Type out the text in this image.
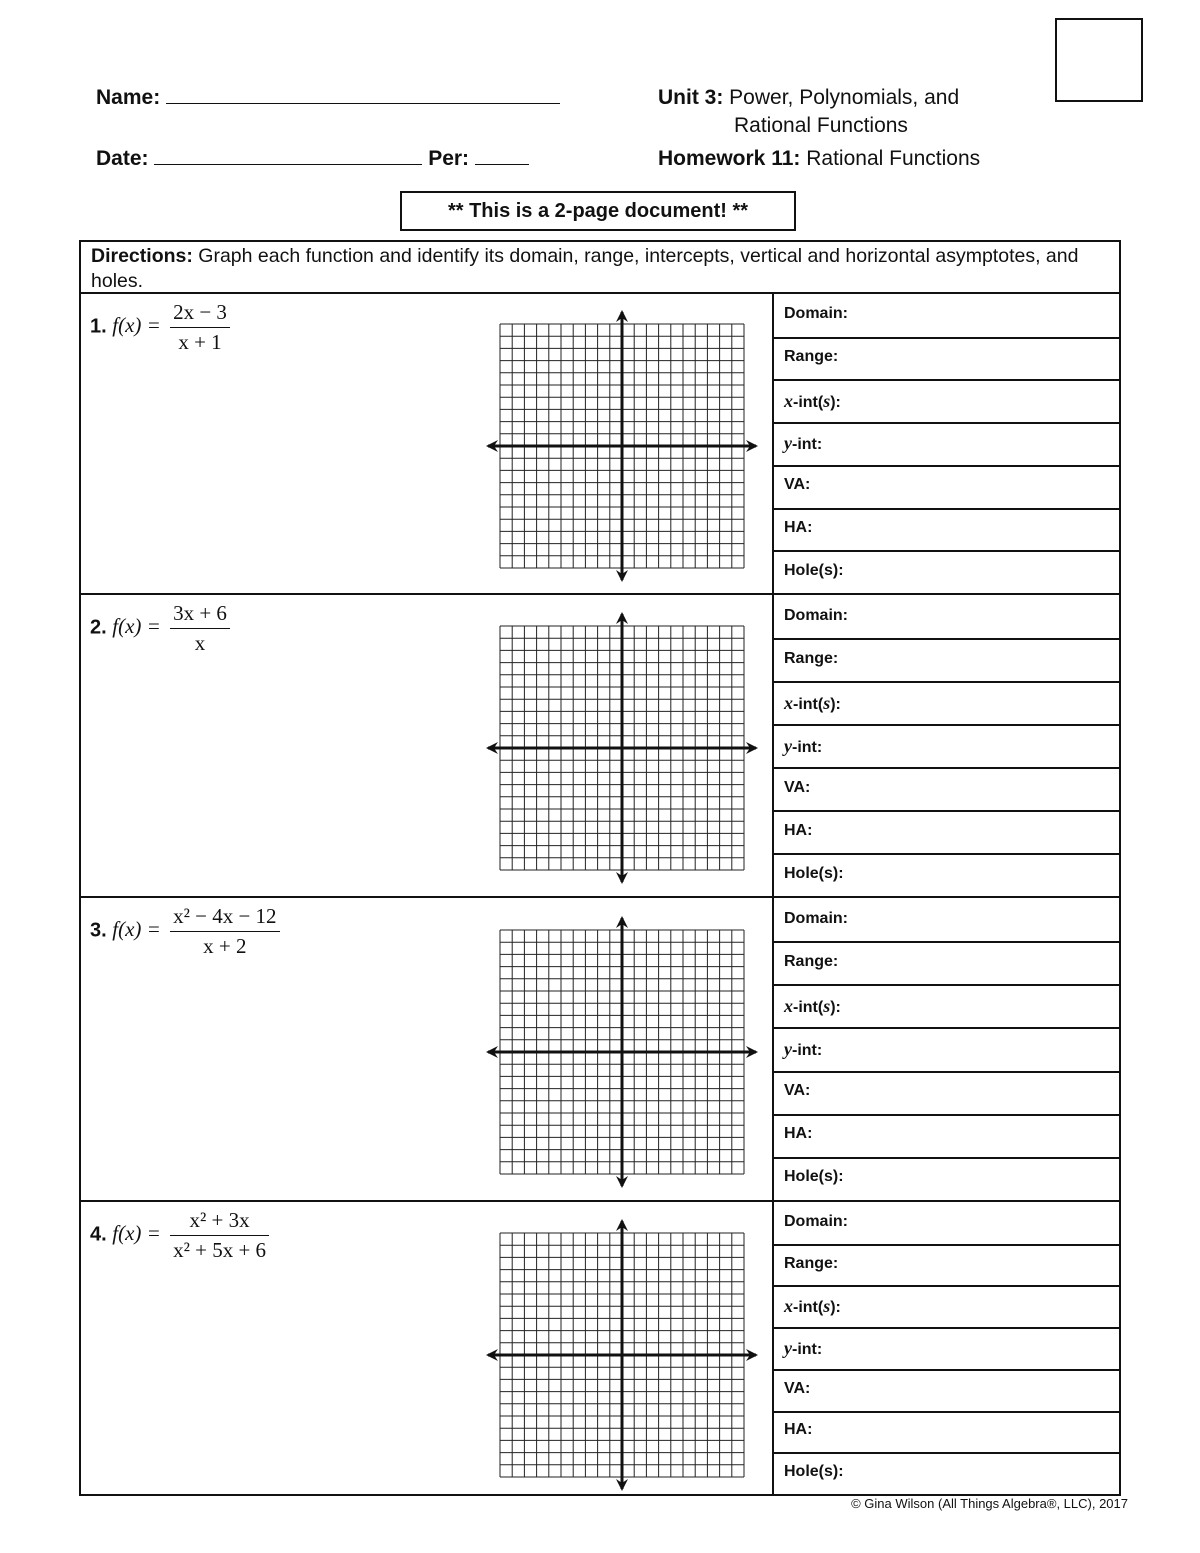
Name:
Date:	Per:
Unit 3: Power, Polynomials, and
Rational Functions
Homework 11: Rational Functions
** This is a 2-page document! **
Directions: Graph each function and identify its domain, range, intercepts, vertical and horizontal asymptotes, and holes.
1. $f(x) = \frac{2x - 3}{x + 1}$
2. $f(x) = \frac{3x + 6}{x}$
3. $f(x) = \frac{\text{x² − 4x − 12}}{x + 2}$
4. $f(x) = \frac{\text{x² + 3x}}{\text{x² + 5x + 6}}$
Domain:
Range:
x-int(s):
y-int:
VA:
HA:
Hole(s):
Domain:
Range:
x-int(s):
y-int:
VA:
HA:
Hole(s):
Domain:
Range:
x-int(s):
y-int:
VA:
HA:
Hole(s):
Domain:
Range:
x-int(s):
y-int:
VA:
HA:
Hole(s):
© Gina Wilson (All Things Algebra®, LLC), 2017
